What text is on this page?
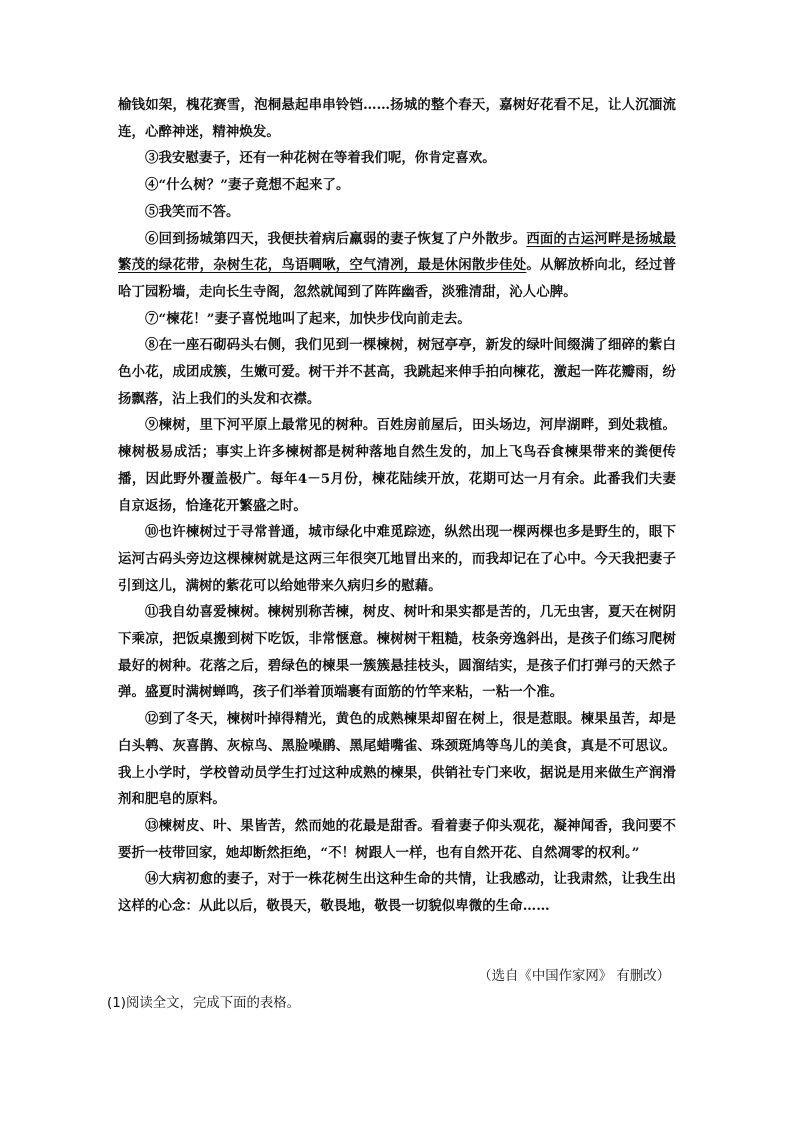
榆钱如架，槐花赛雪，泡桐悬起串串铃铛……扬城的整个春天，嘉树好花看不足，让人沉湎流连，心醉神迷，精神焕发。

③我安慰妻子，还有一种花树在等着我们呢，你肯定喜欢。

④“什么树？”妻子竟想不起来了。

⑤我笑而不答。

⑥回到扬城第四天，我便扶着病后羸弱的妻子恢复了户外散步。西面的古运河畔是扬城最繁茂的绿花带，杂树生花，鸟语啁啾，空气清冽，最是休闲散步佳处。从解放桥向北，经过普哈丁园粉墙，走向长生寺阁，忽然就闻到了阵阵幽香，淡雅清甜，沁人心脾。

⑦“楝花！”妻子喜悦地叫了起来，加快步伐向前走去。

⑧在一座石砌码头右侧，我们见到一棵楝树，树冠亭亭，新发的绿叶间缀满了细碎的紫白色小花，成团成簇，生嫩可爱。树干并不甚高，我跳起来伸手拍向楝花，激起一阵花瓣雨，纷扬飘落，沾上我们的头发和衣襟。

⑨楝树，里下河平原上最常见的树种。百姓房前屋后，田头场边，河岸湖畔，到处栽植。楝树极易成活；事实上许多楝树都是树种落地自然生发的，加上飞鸟吞食楝果带来的粪便传播，因此野外覆盖极广。每年4－5月份，楝花陆续开放，花期可达一月有余。此番我们夫妻自京返扬，恰逢花开繁盛之时。

⑩也许楝树过于寻常普通，城市绿化中难觅踪迹，纵然出现一棵两棵也多是野生的，眼下运河古码头旁边这棵楝树就是这两三年很突兀地冒出来的，而我却记在了心中。今天我把妻子引到这儿，满树的紫花可以给她带来久病归乡的慰藉。

⑪我自幼喜爱楝树。楝树别称苦楝，树皮、树叶和果实都是苦的，几无虫害，夏天在树阴下乘凉，把饭桌搬到树下吃饭，非常惬意。楝树树干粗糙，枝条旁逸斜出，是孩子们练习爬树最好的树种。花落之后，碧绿色的楝果一簇簇悬挂枝头，圆溜结实，是孩子们打弹弓的天然子弹。盛夏时满树蝉鸣，孩子们举着顶端裹有面筋的竹竿来粘，一粘一个准。

⑫到了冬天，楝树叶掉得精光，黄色的成熟楝果却留在树上，很是惹眼。楝果虽苦，却是白头鹎、灰喜鹊、灰椋鸟、黑脸噪鹛、黑尾蜡嘴雀、珠颈斑鸠等鸟儿的美食，真是不可思议。我上小学时，学校曾动员学生打过这种成熟的楝果，供销社专门来收，据说是用来做生产润滑剂和肥皂的原料。

⑬楝树皮、叶、果皆苦，然而她的花最是甜香。看着妻子仰头观花，凝神闻香，我问要不要折一枝带回家，她却断然拒绝，“不！树跟人一样，也有自然开花、自然凋零的权利。”

⑭大病初愈的妻子，对于一株花树生出这种生命的共情，让我感动，让我肃然，让我生出这样的心念：从此以后，敬畏天，敬畏地，敬畏一切貌似卑微的生命……

（选自《中国作家网》 有删改）
(1)阅读全文，完成下面的表格。
